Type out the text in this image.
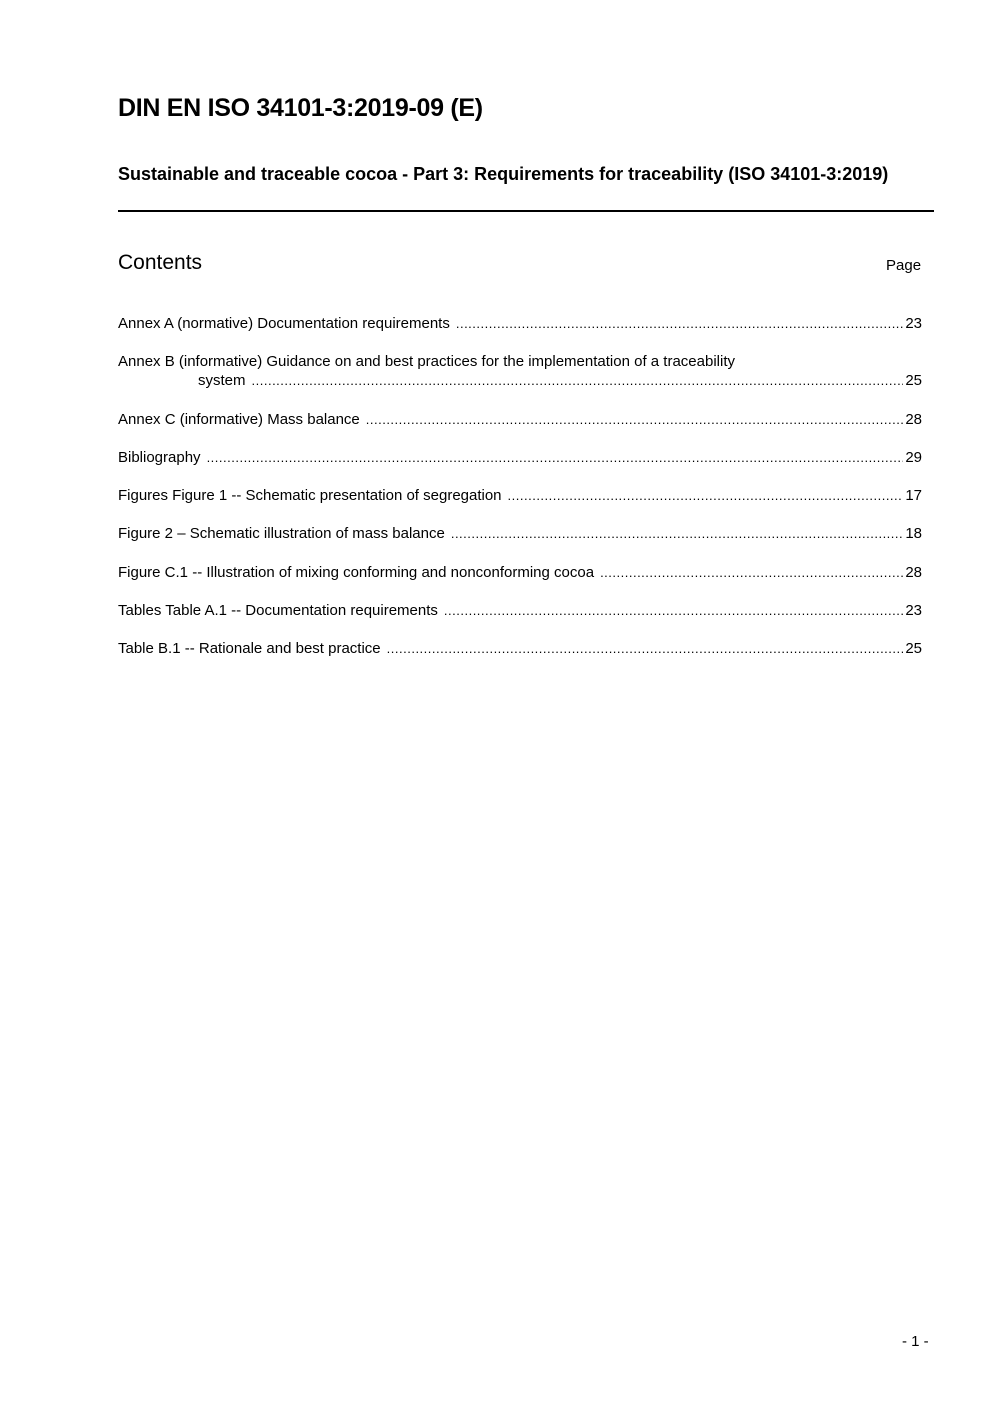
DIN EN ISO 34101-3:2019-09 (E)
Sustainable and traceable cocoa - Part 3: Requirements for traceability (ISO 34101-3:2019)
Contents	Page
Annex A (normative) Documentation requirements .....	23
Annex B (informative) Guidance on and best practices for the implementation of a traceability
system .....	25
Annex C (informative) Mass balance .....	28
Bibliography .....	29
Figures Figure 1 -- Schematic presentation of segregation .....	17
Figure 2 – Schematic illustration of mass balance .....	18
Figure C.1 -- Illustration of mixing conforming and nonconforming cocoa .....	28
Tables Table A.1 -- Documentation requirements .....	23
Table B.1 -- Rationale and best practice .....	25
- 1 -
